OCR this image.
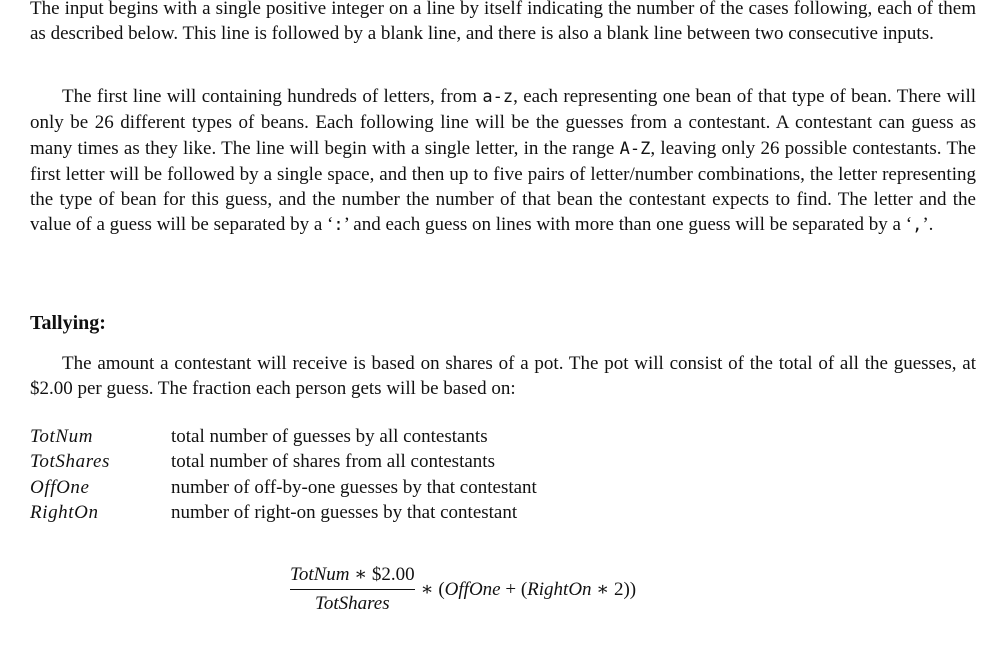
The input begins with a single positive integer on a line by itself indicating the number of the cases following, each of them as described below. This line is followed by a blank line, and there is also a blank line between two consecutive inputs.

The first line will containing hundreds of letters, from a-z, each representing one bean of that type of bean. There will only be 26 different types of beans. Each following line will be the guesses from a contestant. A contestant can guess as many times as they like. The line will begin with a single letter, in the range A-Z, leaving only 26 possible contestants. The first letter will be followed by a single space, and then up to five pairs of letter/number combinations, the letter representing the type of bean for this guess, and the number the number of that bean the contestant expects to find. The letter and the value of a guess will be separated by a ‘:’ and each guess on lines with more than one guess will be separated by a ‘,’.

Tallying:

The amount a contestant will receive is based on shares of a pot. The pot will consist of the total of all the guesses, at $2.00 per guess. The fraction each person gets will be based on:

TotNum	total number of guesses by all contestants
TotShares	total number of shares from all contestants
OffOne	number of off-by-one guesses by that contestant
RightOn	number of right-on guesses by that contestant
$\frac{\text{TotNum ∗ \$2.00}}{\text{TotShares}}$ ∗ (OffOne + (RightOn ∗ 2))
